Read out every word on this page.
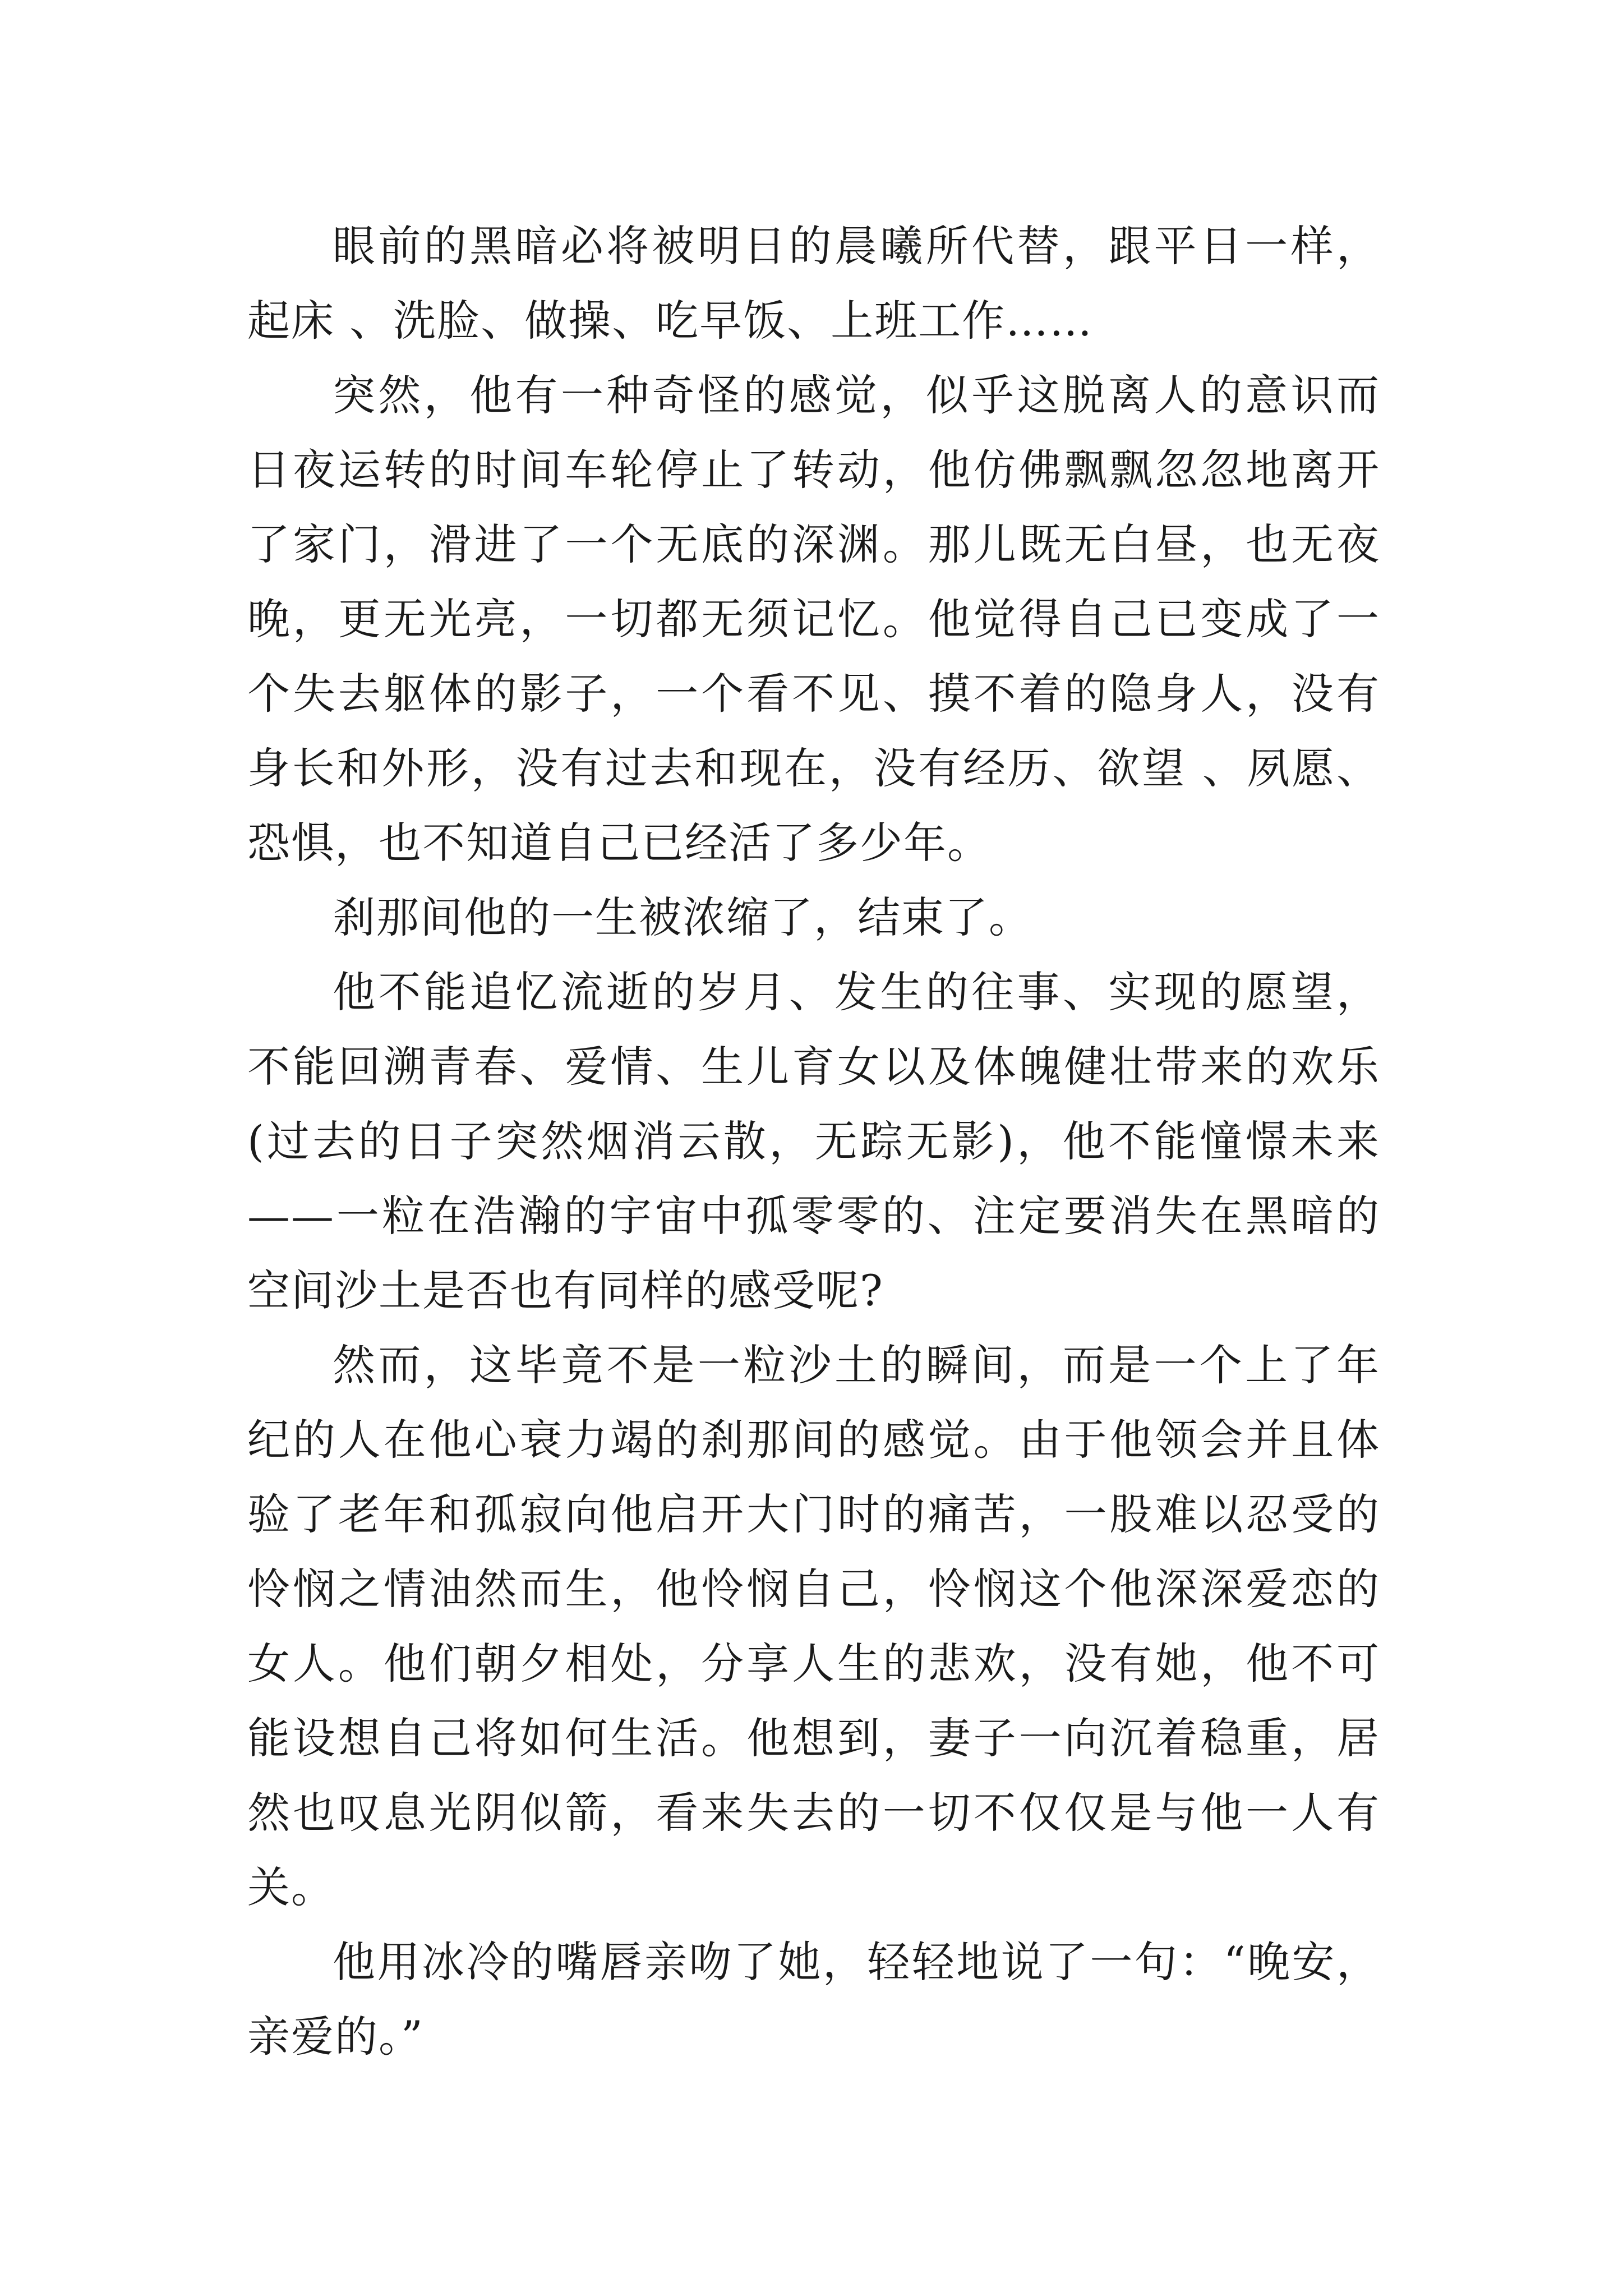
眼前的黑暗必将被明日的晨曦所代替，跟平日一样，起床 、洗脸、做操、吃早饭、上班工作……

突然，他有一种奇怪的感觉，似乎这脱离人的意识而日夜运转的时间车轮停止了转动，他仿佛飘飘忽忽地离开了家门，滑进了一个无底的深渊。那儿既无白昼，也无夜晚，更无光亮，一切都无须记忆。他觉得自己已变成了一个失去躯体的影子，一个看不见、摸不着的隐身人，没有身长和外形，没有过去和现在，没有经历、欲望 、夙愿、恐惧，也不知道自己已经活了多少年。

刹那间他的一生被浓缩了，结束了。

他不能追忆流逝的岁月、发生的往事、实现的愿望，不能回溯青春、爱情、生儿育女以及体魄健壮带来的欢乐(过去的日子突然烟消云散，无踪无影)，他不能憧憬未来——一粒在浩瀚的宇宙中孤零零的、注定要消失在黑暗的空间沙土是否也有同样的感受呢?

然而，这毕竟不是一粒沙土的瞬间，而是一个上了年纪的人在他心衰力竭的刹那间的感觉。由于他领会并且体验了老年和孤寂向他启开大门时的痛苦，一股难以忍受的怜悯之情油然而生，他怜悯自己，怜悯这个他深深爱恋的女人。他们朝夕相处，分享人生的悲欢，没有她，他不可能设想自己将如何生活。他想到，妻子一向沉着稳重，居然也叹息光阴似箭，看来失去的一切不仅仅是与他一人有关。

他用冰冷的嘴唇亲吻了她，轻轻地说了一句：“晚安，亲爱的。”
